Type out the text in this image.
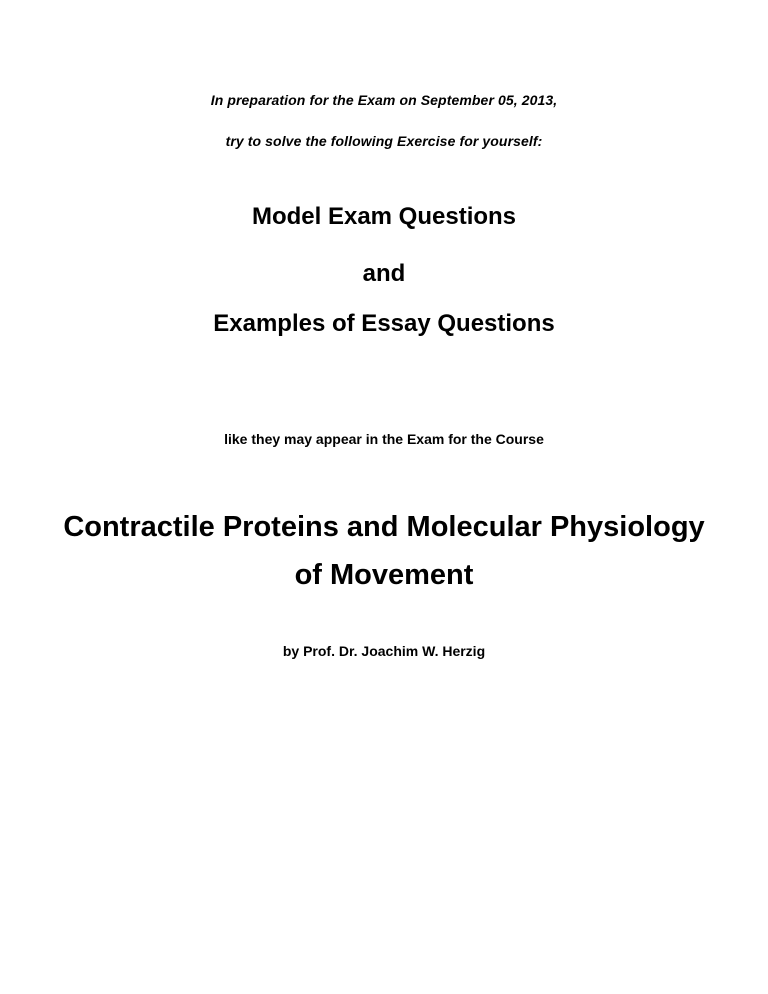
In preparation for the Exam on September 05, 2013,
try to solve the following Exercise for yourself:
Model Exam Questions
and
Examples of Essay Questions
like they may appear in the Exam for the Course
Contractile Proteins and Molecular Physiology
of Movement
by Prof. Dr. Joachim W. Herzig
